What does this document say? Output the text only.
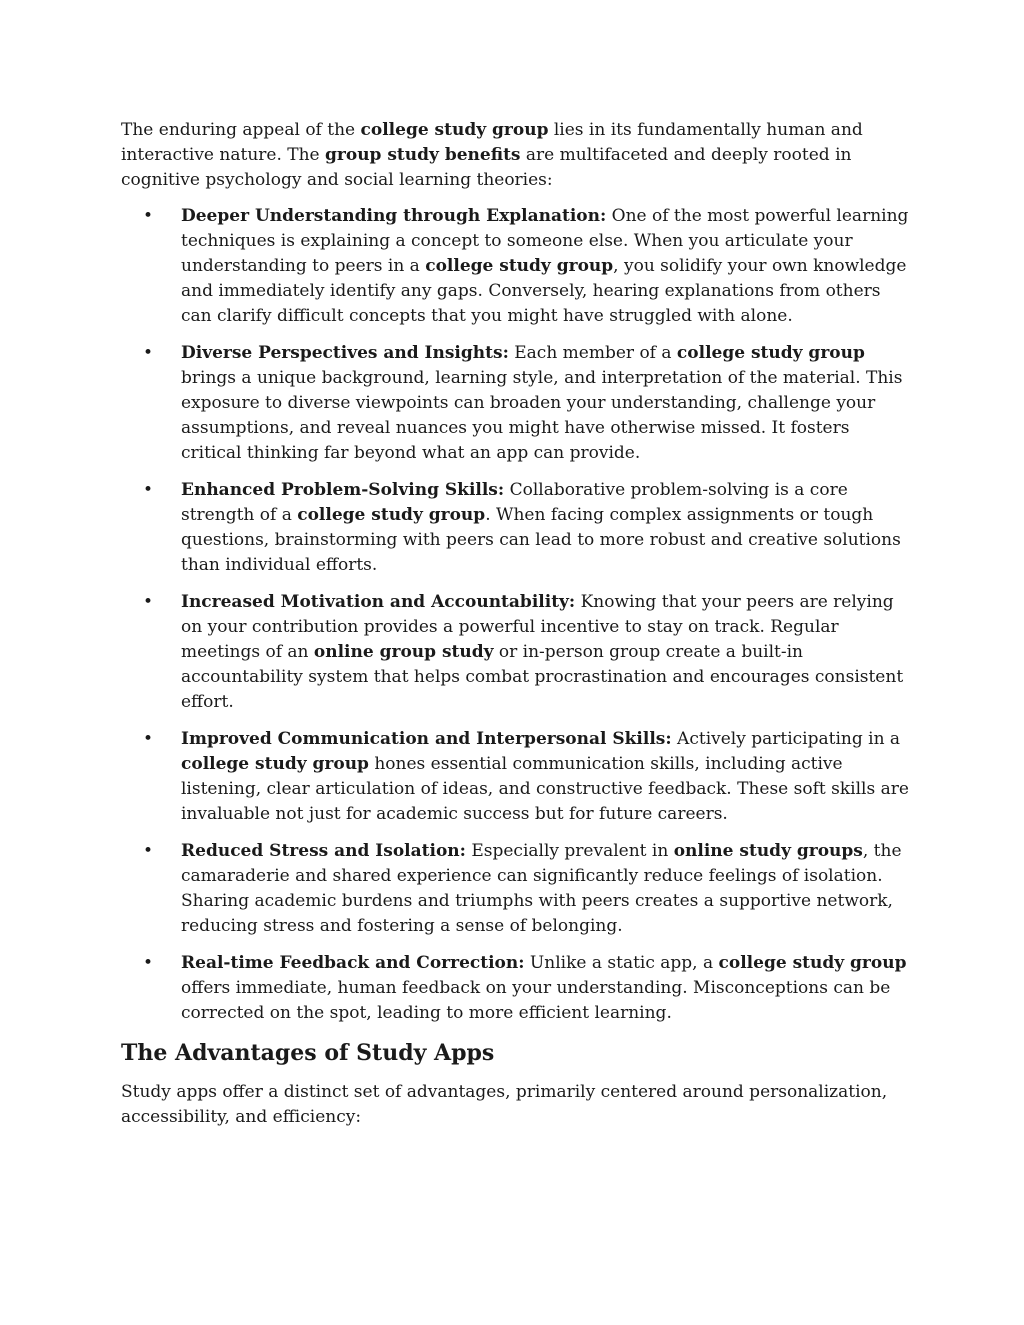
The enduring appeal of the college study group lies in its fundamentally human and interactive nature. The group study benefits are multifaceted and deeply rooted in cognitive psychology and social learning theories:

• Deeper Understanding through Explanation: One of the most powerful learning techniques is explaining a concept to someone else. When you articulate your understanding to peers in a college study group, you solidify your own knowledge and immediately identify any gaps. Conversely, hearing explanations from others can clarify difficult concepts that you might have struggled with alone.
• Diverse Perspectives and Insights: Each member of a college study group brings a unique background, learning style, and interpretation of the material. This exposure to diverse viewpoints can broaden your understanding, challenge your assumptions, and reveal nuances you might have otherwise missed. It fosters critical thinking far beyond what an app can provide.
• Enhanced Problem-Solving Skills: Collaborative problem-solving is a core strength of a college study group. When facing complex assignments or tough questions, brainstorming with peers can lead to more robust and creative solutions than individual efforts.
• Increased Motivation and Accountability: Knowing that your peers are relying on your contribution provides a powerful incentive to stay on track. Regular meetings of an online group study or in-person group create a built-in accountability system that helps combat procrastination and encourages consistent effort.
• Improved Communication and Interpersonal Skills: Actively participating in a college study group hones essential communication skills, including active listening, clear articulation of ideas, and constructive feedback. These soft skills are invaluable not just for academic success but for future careers.
• Reduced Stress and Isolation: Especially prevalent in online study groups, the camaraderie and shared experience can significantly reduce feelings of isolation. Sharing academic burdens and triumphs with peers creates a supportive network, reducing stress and fostering a sense of belonging.
• Real-time Feedback and Correction: Unlike a static app, a college study group offers immediate, human feedback on your understanding. Misconceptions can be corrected on the spot, leading to more efficient learning.
The Advantages of Study Apps

Study apps offer a distinct set of advantages, primarily centered around personalization, accessibility, and efficiency:
